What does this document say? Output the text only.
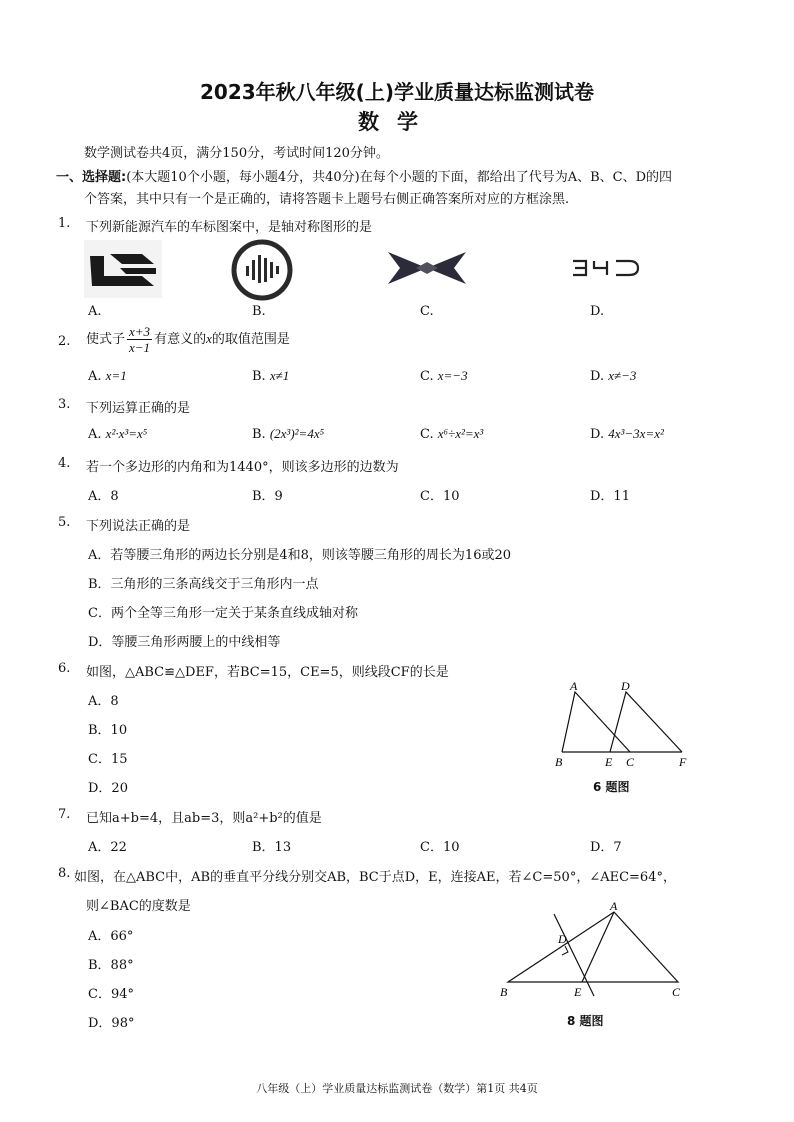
2023年秋八年级(上)学业质量达标监测试卷
数学
数学测试卷共4页，满分150分，考试时间120分钟。
一、选择题:(本大题10个小题，每小题4分，共40分)在每个小题的下面，都给出了代号为A、B、C、D的四
个答案，其中只有一个是正确的，请将答题卡上题号右侧正确答案所对应的方框涂黑.
1. 下列新能源汽车的车标图案中，是轴对称图形的是
BYD
A.	B.	C.	D.
2. 使式子 $\frac{x+3}{x-1}$ 有意义的x的取值范围是
A. x=1	B. x≠1	C. x=−3	D. x≠−3
3. 下列运算正确的是
A. x²·x³=x⁵	B. (2x³)²=4x⁵	C. x⁶÷x²=x³	D. 4x³−3x=x²
4. 若一个多边形的内角和为1440°，则该多边形的边数为
A．8	B．9	C．10	D．11
5. 下列说法正确的是
A．若等腰三角形的两边长分别是4和8，则该等腰三角形的周长为16或20
B．三角形的三条高线交于三角形内一点
C．两个全等三角形一定关于某条直线成轴对称
D．等腰三角形两腰上的中线相等
6. 如图，△ABC≌△DEF，若BC=15，CE=5，则线段CF的长是
A．8
B．10
C．15
D．20
A	D
B	E C	F
6 题图
7. 已知a+b=4，且ab=3，则a²+b²的值是
A．22	B．13	C．10	D．7
8. 如图，在△ABC中，AB的垂直平分线分别交AB，BC于点D，E，连接AE，若∠C=50°，∠AEC=64°，
则∠BAC的度数是
A．66°
B．88°
C．94°
D．98°
A
D
B	E	C
8 题图
八年级（上）学业质量达标监测试卷（数学）第1页 共4页
